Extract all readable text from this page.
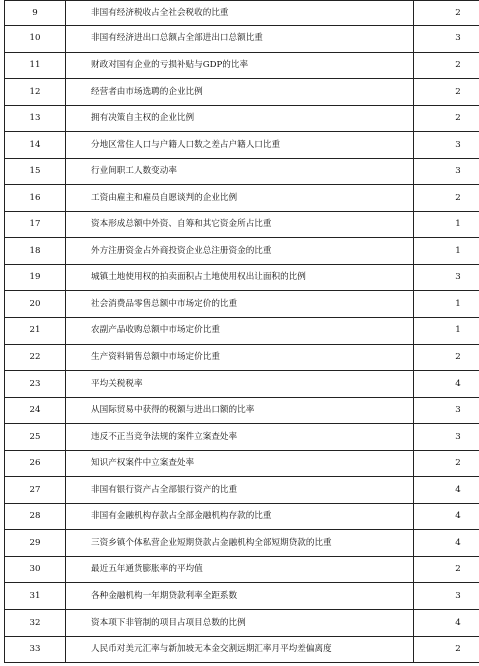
9	非国有经济税收占全社会税收的比重	2
10	非国有经济进出口总额占全部进出口总额比重	3
11	财政对国有企业的亏损补贴与GDP的比率	2
12	经营者由市场选聘的企业比例	2
13	拥有决策自主权的企业比例	2
14	分地区常住人口与户籍人口数之差占户籍人口比重	3
15	行业间职工人数变动率	3
16	工资由雇主和雇员自愿谈判的企业比例	2
17	资本形成总额中外资、自筹和其它资金所占比重	1
18	外方注册资金占外商投资企业总注册资金的比重	1
19	城镇土地使用权的拍卖面积占土地使用权出让面积的比例	3
20	社会消费品零售总额中市场定价的比重	1
21	农副产品收购总额中市场定价比重	1
22	生产资料销售总额中市场定价比重	2
23	平均关税税率	4
24	从国际贸易中获得的税额与进出口额的比率	3
25	违反不正当竞争法规的案件立案查处率	3
26	知识产权案件中立案查处率	2
27	非国有银行资产占全部银行资产的比重	4
28	非国有金融机构存款占全部金融机构存款的比重	4
29	三资乡镇个体私营企业短期贷款占金融机构全部短期贷款的比重	4
30	最近五年通货膨胀率的平均值	2
31	各种金融机构一年期贷款利率全距系数	3
32	资本项下非管制的项目占项目总数的比例	4
33	人民币对美元汇率与新加坡无本金交割远期汇率月平均差偏离度	2
